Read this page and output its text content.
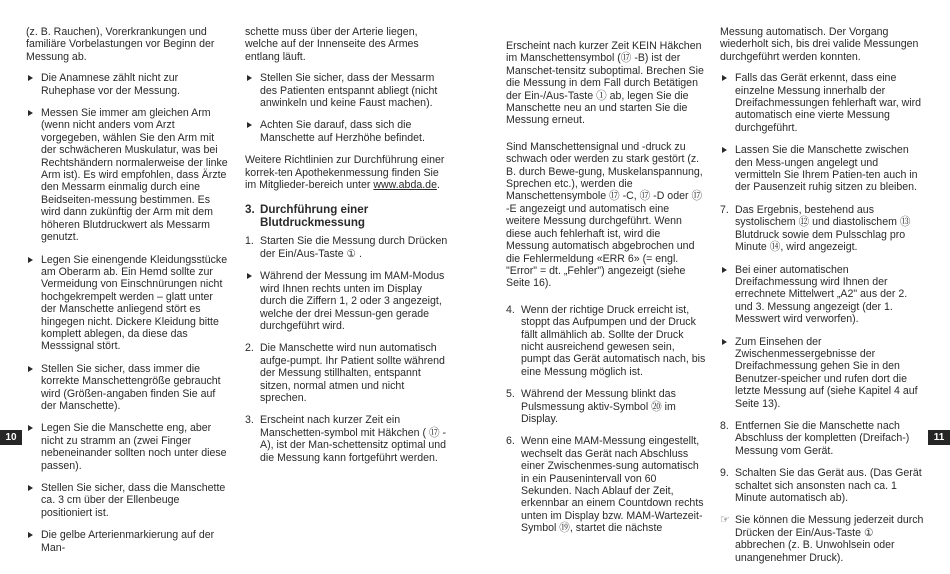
(z. B. Rauchen), Vorerkrankungen und familiäre Vorbelastungen vor Beginn der Messung ab.
Die Anamnese zählt nicht zur Ruhephase vor der Messung.
Messen Sie immer am gleichen Arm (wenn nicht anders vom Arzt vorgegeben, wählen Sie den Arm mit der schwächeren Muskulatur, was bei Rechtshändern normalerweise der linke Arm ist). Es wird empfohlen, dass Ärzte den Messarm einmalig durch eine Beidseiten-messung bestimmen. Es wird dann zukünftig der Arm mit dem höheren Blutdruckwert als Messarm genutzt.
Legen Sie einengende Kleidungsstücke am Oberarm ab. Ein Hemd sollte zur Vermeidung von Einschnürungen nicht hochgekrempelt werden – glatt unter der Manschette anliegend stört es hingegen nicht. Dickere Kleidung bitte komplett ablegen, da diese das Messsignal stört.
Stellen Sie sicher, dass immer die korrekte Manschettengröße gebraucht wird (Größen-angaben finden Sie auf der Manschette).
Legen Sie die Manschette eng, aber nicht zu stramm an (zwei Finger nebeneinander sollten noch unter diese passen).
Stellen Sie sicher, dass die Manschette ca. 3 cm über der Ellenbeuge positioniert ist.
Die gelbe Arterienmarkierung auf der Man-
schette muss über der Arterie liegen, welche auf der Innenseite des Armes entlang läuft.
Stellen Sie sicher, dass der Messarm des Patienten entspannt abliegt (nicht anwinkeln und keine Faust machen).
Achten Sie darauf, dass sich die Manschette auf Herzhöhe befindet.
Weitere Richtlinien zur Durchführung einer korrek-ten Apothekenmessung finden Sie im Mitglieder-bereich unter www.abda.de.
3. Durchführung einer Blutdruckmessung
1. Starten Sie die Messung durch Drücken der Ein/Aus-Taste ① .
Während der Messung im MAM-Modus wird Ihnen rechts unten im Display durch die Ziffern 1, 2 oder 3 angezeigt, welche der drei Messun-gen gerade durchgeführt wird.
2. Die Manschette wird nun automatisch aufge-pumpt. Ihr Patient sollte während der Messung stillhalten, entspannt sitzen, normal atmen und nicht sprechen.
3. Erscheint nach kurzer Zeit ein Manschetten-symbol mit Häkchen ( ⑰ -A), ist der Man-schettensitz optimal und die Messung kann fortgeführt werden.
Erscheint nach kurzer Zeit KEIN Häkchen im Manschettensymbol (⑰ -B) ist der Manschet-tensitz suboptimal. Brechen Sie die Messung in dem Fall durch Betätigen der Ein-/Aus-Taste ① ab, legen Sie die Manschette neu an und starten Sie die Messung erneut.
Sind Manschettensignal und -druck zu schwach oder werden zu stark gestört (z. B. durch Bewe-gung, Muskelanspannung, Sprechen etc.), werden die Manschettensymbole ⑰ -C, ⑰ -D oder ⑰ -E angezeigt und automatisch eine weitere Messung durchgeführt. Wenn diese auch fehlerhaft ist, wird die Messung automatisch abgebrochen und die Fehlermeldung «ERR 6» (= engl. "Error" = dt. „Fehler") angezeigt (siehe Seite 16).
4. Wenn der richtige Druck erreicht ist, stoppt das Aufpumpen und der Druck fällt allmählich ab. Sollte der Druck nicht ausreichend gewesen sein, pumpt das Gerät automatisch nach, bis eine Messung möglich ist.
5. Während der Messung blinkt das Pulsmessung aktiv-Symbol ⑳ im Display.
6. Wenn eine MAM-Messung eingestellt, wechselt das Gerät nach Abschluss einer Zwischenmes-sung automatisch in ein Pausenintervall von 60 Sekunden. Nach Ablauf der Zeit, erkennbar an einem Countdown rechts unten im Display bzw. MAM-Wartezeit-Symbol ⑲, startet die nächste
Messung automatisch. Der Vorgang wiederholt sich, bis drei valide Messungen durchgeführt werden konnten.
Falls das Gerät erkennt, dass eine einzelne Messung innerhalb der Dreifachmessungen fehlerhaft war, wird automatisch eine vierte Messung durchgeführt.
Lassen Sie die Manschette zwischen den Mess-ungen angelegt und vermitteln Sie Ihrem Patien-ten auch in der Pausenzeit ruhig sitzen zu bleiben.
7. Das Ergebnis, bestehend aus systolischem ⑫ und diastolischem ⑬ Blutdruck sowie dem Pulsschlag pro Minute ⑭, wird angezeigt.
Bei einer automatischen Dreifachmessung wird Ihnen der errechnete Mittelwert „A2" aus der 2. und 3. Messung angezeigt (der 1. Messwert wird verworfen).
Zum Einsehen der Zwischenmessergebnisse der Dreifachmessung gehen Sie in den Benutzer-speicher und rufen dort die letzte Messung auf (siehe Kapitel 4 auf Seite 13).
8. Entfernen Sie die Manschette nach Abschluss der kompletten (Dreifach-) Messung vom Gerät.
9. Schalten Sie das Gerät aus. (Das Gerät schaltet sich ansonsten nach ca. 1 Minute automatisch ab).
☞ Sie können die Messung jederzeit durch Drücken der Ein/Aus-Taste ① abbrechen (z. B. Unwohlsein oder unangenehmer Druck).
10	11
